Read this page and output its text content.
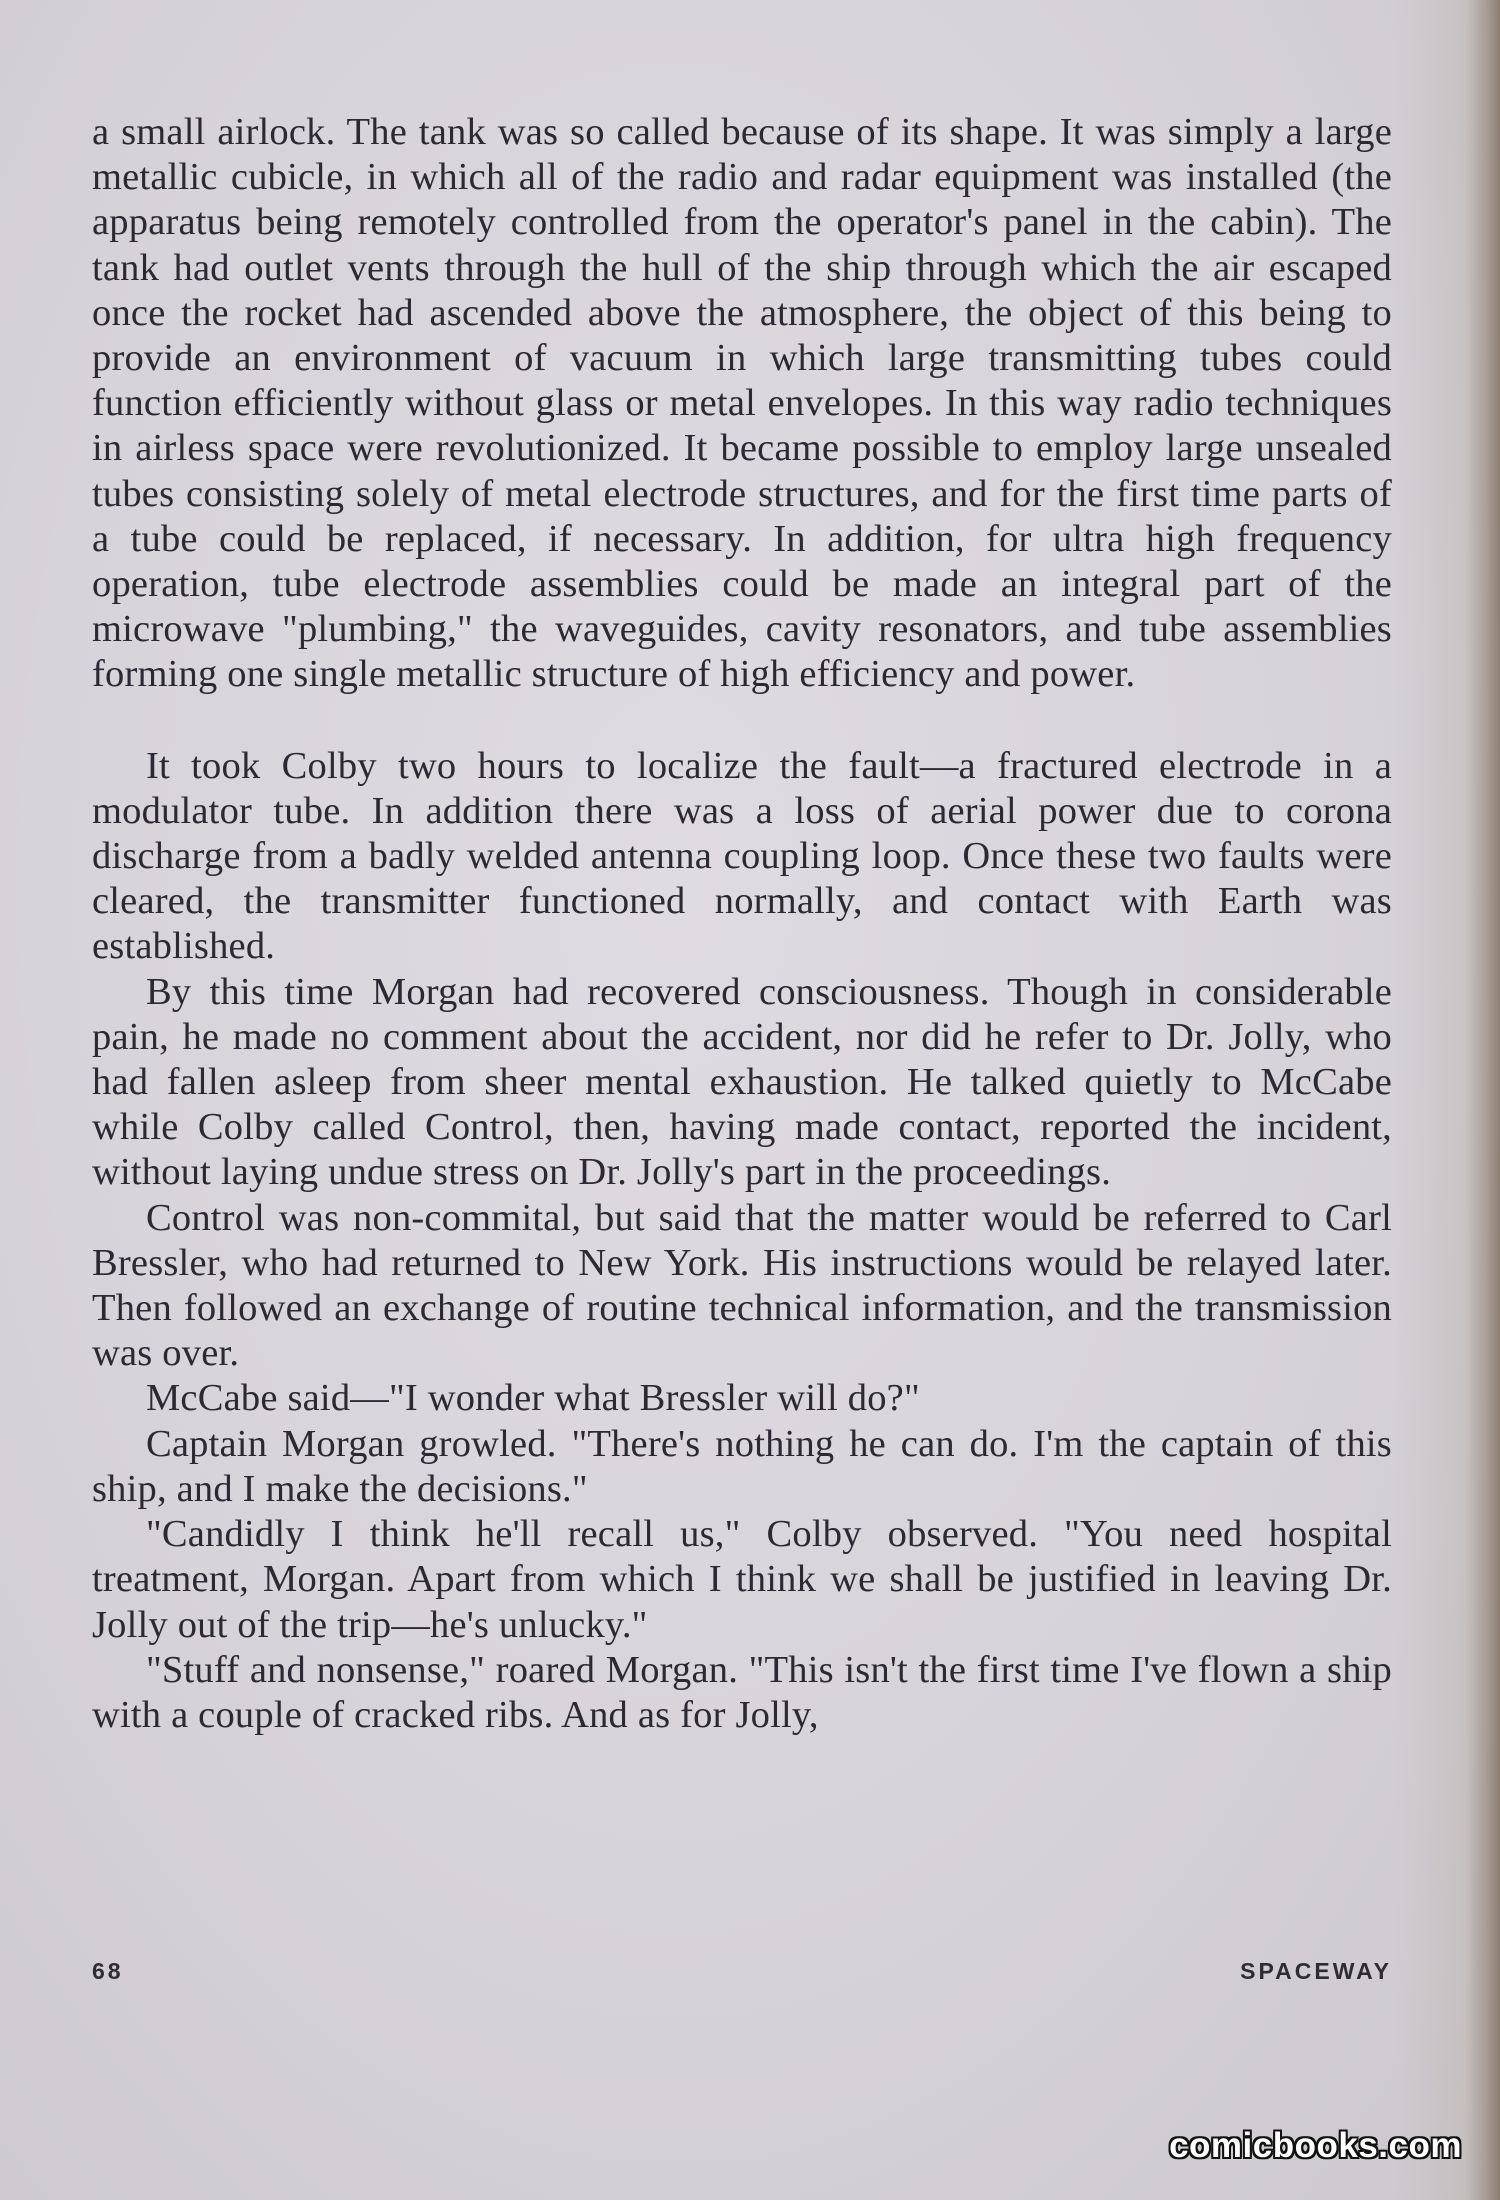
a small airlock. The tank was so called because of its shape. It was simply a large metallic cubicle, in which all of the radio and radar equipment was installed (the apparatus being remotely controlled from the operator's panel in the cabin). The tank had outlet vents through the hull of the ship through which the air escaped once the rocket had ascended above the atmosphere, the object of this being to provide an environment of vacuum in which large transmitting tubes could function efficiently without glass or metal envelopes. In this way radio techniques in airless space were revolutionized. It became possible to employ large unsealed tubes consisting solely of metal electrode structures, and for the first time parts of a tube could be replaced, if necessary. In addition, for ultra high frequency operation, tube electrode assemblies could be made an integral part of the microwave "plumbing," the waveguides, cavity resonators, and tube assemblies forming one single metallic structure of high efficiency and power.

It took Colby two hours to localize the fault—a fractured electrode in a modulator tube. In addition there was a loss of aerial power due to corona discharge from a badly welded antenna coupling loop. Once these two faults were cleared, the transmitter functioned normally, and contact with Earth was established.

By this time Morgan had recovered consciousness. Though in considerable pain, he made no comment about the accident, nor did he refer to Dr. Jolly, who had fallen asleep from sheer mental exhaustion. He talked quietly to McCabe while Colby called Control, then, having made contact, reported the incident, without laying undue stress on Dr. Jolly's part in the proceedings.

Control was non-commital, but said that the matter would be referred to Carl Bressler, who had returned to New York. His instructions would be relayed later. Then followed an exchange of routine technical information, and the transmission was over.

McCabe said—"I wonder what Bressler will do?"

Captain Morgan growled. "There's nothing he can do. I'm the captain of this ship, and I make the decisions."

"Candidly I think he'll recall us," Colby observed. "You need hospital treatment, Morgan. Apart from which I think we shall be justified in leaving Dr. Jolly out of the trip—he's unlucky."

"Stuff and nonsense," roared Morgan. "This isn't the first time I've flown a ship with a couple of cracked ribs. And as for Jolly,

68	SPACEWAY
comicbooks.com
